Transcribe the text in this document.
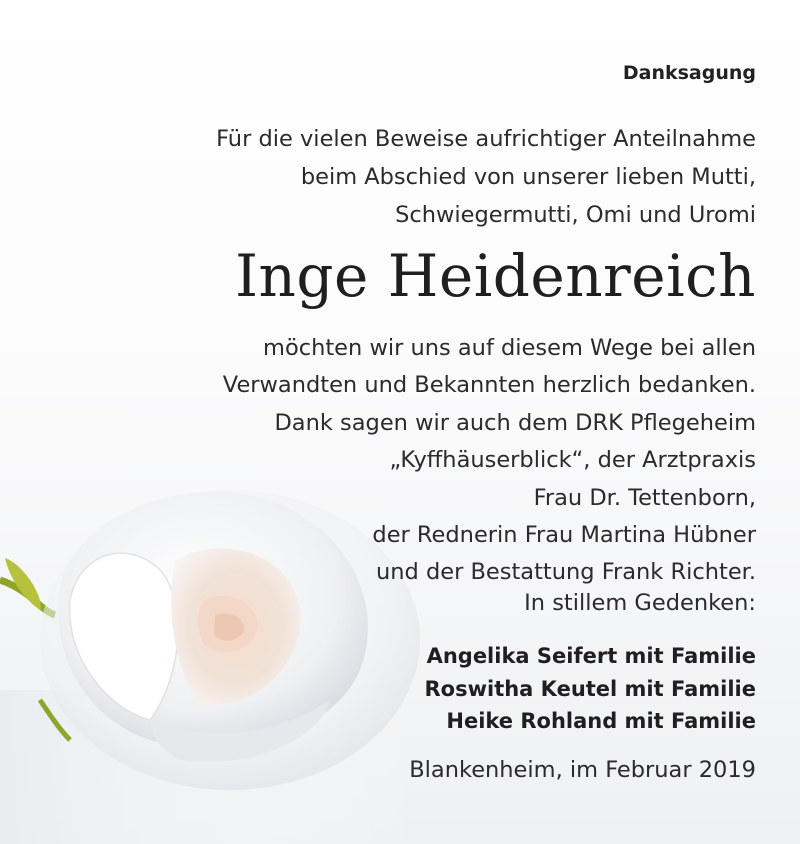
Danksagung
Für die vielen Beweise aufrichtiger Anteilnahme
beim Abschied von unserer lieben Mutti,
Schwiegermutti, Omi und Uromi
Inge Heidenreich
möchten wir uns auf diesem Wege bei allen
Verwandten und Bekannten herzlich bedanken.
Dank sagen wir auch dem DRK Pflegeheim
„Kyffhäuserblick“, der Arztpraxis
Frau Dr. Tettenborn,
der Rednerin Frau Martina Hübner
und der Bestattung Frank Richter.
In stillem Gedenken:
Angelika Seifert mit Familie
Roswitha Keutel mit Familie
Heike Rohland mit Familie
Blankenheim, im Februar 2019
